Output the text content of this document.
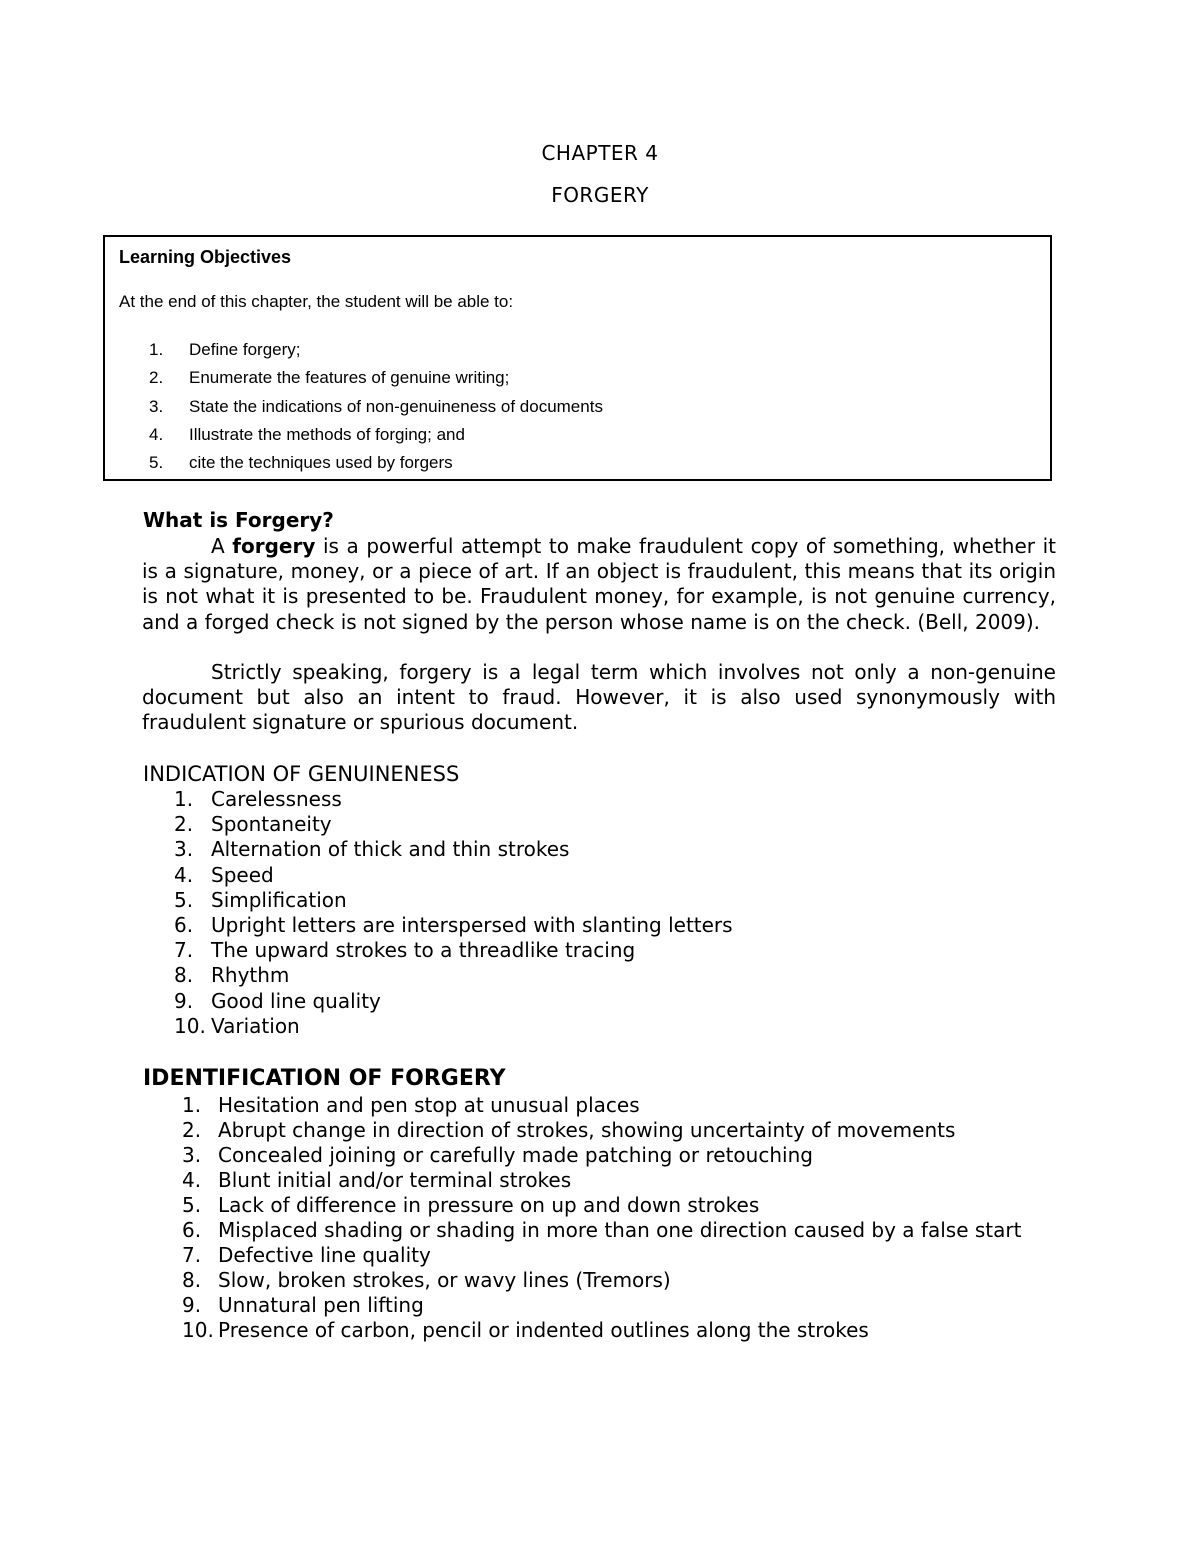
CHAPTER 4
FORGERY
Learning Objectives
At the end of this chapter, the student will be able to:
1. Define forgery;
2. Enumerate the features of genuine writing;
3. State the indications of non-genuineness of documents
4. Illustrate the methods of forging; and
5. cite the techniques used by forgers
What is Forgery?

A forgery is a powerful attempt to make fraudulent copy of something, whether it is a signature, money, or a piece of art. If an object is fraudulent, this means that its origin is not what it is presented to be. Fraudulent money, for example, is not genuine currency, and a forged check is not signed by the person whose name is on the check. (Bell, 2009).

Strictly speaking, forgery is a legal term which involves not only a non-genuine document but also an intent to fraud. However, it is also used synonymously with fraudulent signature or spurious document.

INDICATION OF GENUINENESS
1. Carelessness
2. Spontaneity
3. Alternation of thick and thin strokes
4. Speed
5. Simplification
6. Upright letters are interspersed with slanting letters
7. The upward strokes to a threadlike tracing
8. Rhythm
9. Good line quality
10. Variation
IDENTIFICATION OF FORGERY
1. Hesitation and pen stop at unusual places
2. Abrupt change in direction of strokes, showing uncertainty of movements
3. Concealed joining or carefully made patching or retouching
4. Blunt initial and/or terminal strokes
5. Lack of difference in pressure on up and down strokes
6. Misplaced shading or shading in more than one direction caused by a false start
7. Defective line quality
8. Slow, broken strokes, or wavy lines (Tremors)
9. Unnatural pen lifting
10. Presence of carbon, pencil or indented outlines along the strokes
